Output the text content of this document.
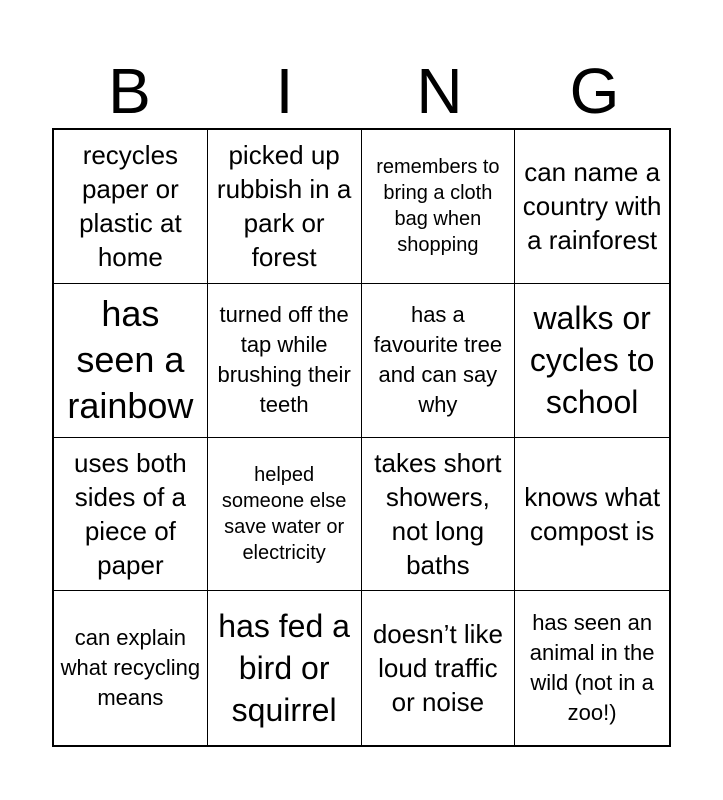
B	I	N	G
recycles paper or plastic at home
picked up rubbish in a park or forest
remembers to bring a cloth bag when shopping
can name a country with a rainforest
has seen a rainbow
turned off the tap while brushing their teeth
has a favourite tree and can say why
walks or cycles to school
uses both sides of a piece of paper
helped someone else save water or electricity
takes short showers, not long baths
knows what compost is
can explain what recycling means
has fed a bird or squirrel
doesn’t like loud traffic or noise
has seen an animal in the wild (not in a zoo!)
